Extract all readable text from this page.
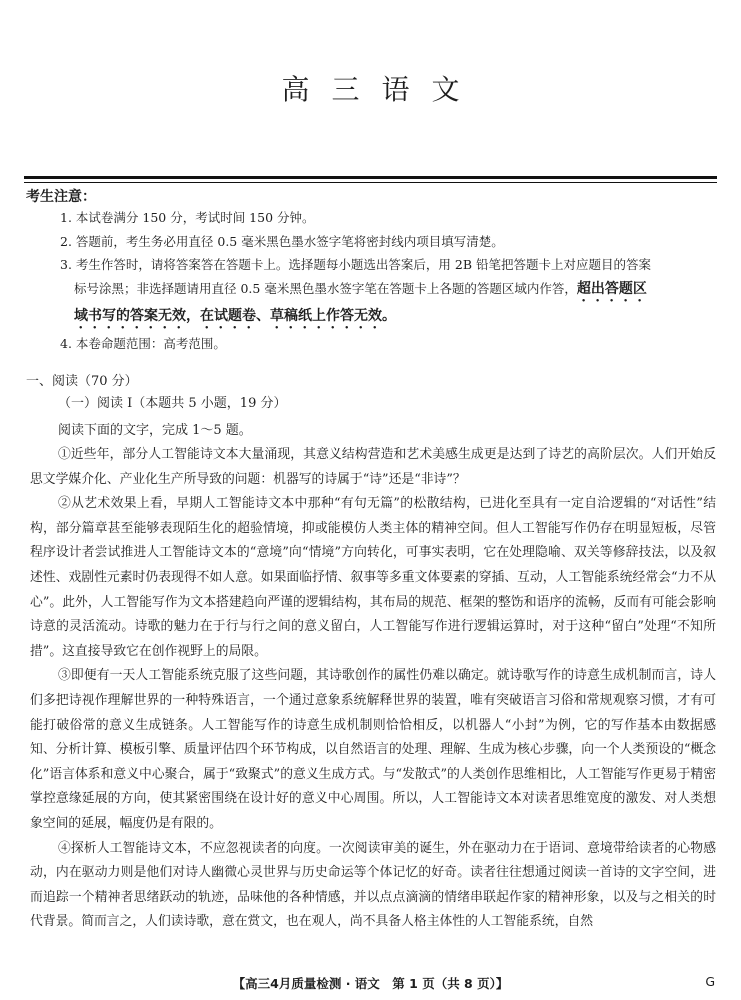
高三语文
考生注意：
1. 本试卷满分 150 分，考试时间 150 分钟。
2. 答题前，考生务必用直径 0.5 毫米黑色墨水签字笔将密封线内项目填写清楚。
3. 考生作答时，请将答案答在答题卡上。选择题每小题选出答案后，用 2B 铅笔把答题卡上对应题目的答案
标号涂黑；非选择题请用直径 0.5 毫米黑色墨水签字笔在答题卡上各题的答题区域内作答，超出答题区
域书写的答案无效，在试题卷、草稿纸上作答无效。
4. 本卷命题范围：高考范围。
一、阅读（70 分）
（一）阅读 Ⅰ（本题共 5 小题，19 分）
阅读下面的文字，完成 1～5 题。

①近些年，部分人工智能诗文本大量涌现，其意义结构营造和艺术美感生成更是达到了诗艺的高阶层次。人们开始反思文学媒介化、产业化生产所导致的问题：机器写的诗属于“诗”还是“非诗”？

②从艺术效果上看，早期人工智能诗文本中那种“有句无篇”的松散结构，已进化至具有一定自洽逻辑的“对话性”结构，部分篇章甚至能够表现陌生化的超验情境，抑或能模仿人类主体的精神空间。但人工智能写作仍存在明显短板，尽管程序设计者尝试推进人工智能诗文本的“意境”向“情境”方向转化，可事实表明，它在处理隐喻、双关等修辞技法，以及叙述性、戏剧性元素时仍表现得不如人意。如果面临抒情、叙事等多重文体要素的穿插、互动，人工智能系统经常会“力不从心”。此外，人工智能写作为文本搭建趋向严谨的逻辑结构，其布局的规范、框架的整饬和语序的流畅，反而有可能会影响诗意的灵活流动。诗歌的魅力在于行与行之间的意义留白，人工智能写作进行逻辑运算时，对于这种“留白”处理“不知所措”。这直接导致它在创作视野上的局限。

③即便有一天人工智能系统克服了这些问题，其诗歌创作的属性仍难以确定。就诗歌写作的诗意生成机制而言，诗人们多把诗视作理解世界的一种特殊语言，一个通过意象系统解释世界的装置，唯有突破语言习俗和常规观察习惯，才有可能打破俗常的意义生成链条。人工智能写作的诗意生成机制则恰恰相反，以机器人“小封”为例，它的写作基本由数据感知、分析计算、模板引擎、质量评估四个环节构成，以自然语言的处理、理解、生成为核心步骤，向一个人类预设的“概念化”语言体系和意义中心聚合，属于“致聚式”的意义生成方式。与“发散式”的人类创作思维相比，人工智能写作更易于精密掌控意缘延展的方向，使其紧密围绕在设计好的意义中心周围。所以，人工智能诗文本对读者思维宽度的激发、对人类想象空间的延展，幅度仍是有限的。

④探析人工智能诗文本，不应忽视读者的向度。一次阅读审美的诞生，外在驱动力在于语词、意境带给读者的心物感动，内在驱动力则是他们对诗人幽微心灵世界与历史命运等个体记忆的好奇。读者往往想通过阅读一首诗的文字空间，进而追踪一个精神者思绪跃动的轨迹，品味他的各种情感，并以点点滴滴的情绪串联起作家的精神形象，以及与之相关的时代背景。简而言之，人们读诗歌，意在赏文，也在观人，尚不具备人格主体性的人工智能系统，自然

【高三4月质量检测 · 语文　第 1 页（共 8 页）】	G
